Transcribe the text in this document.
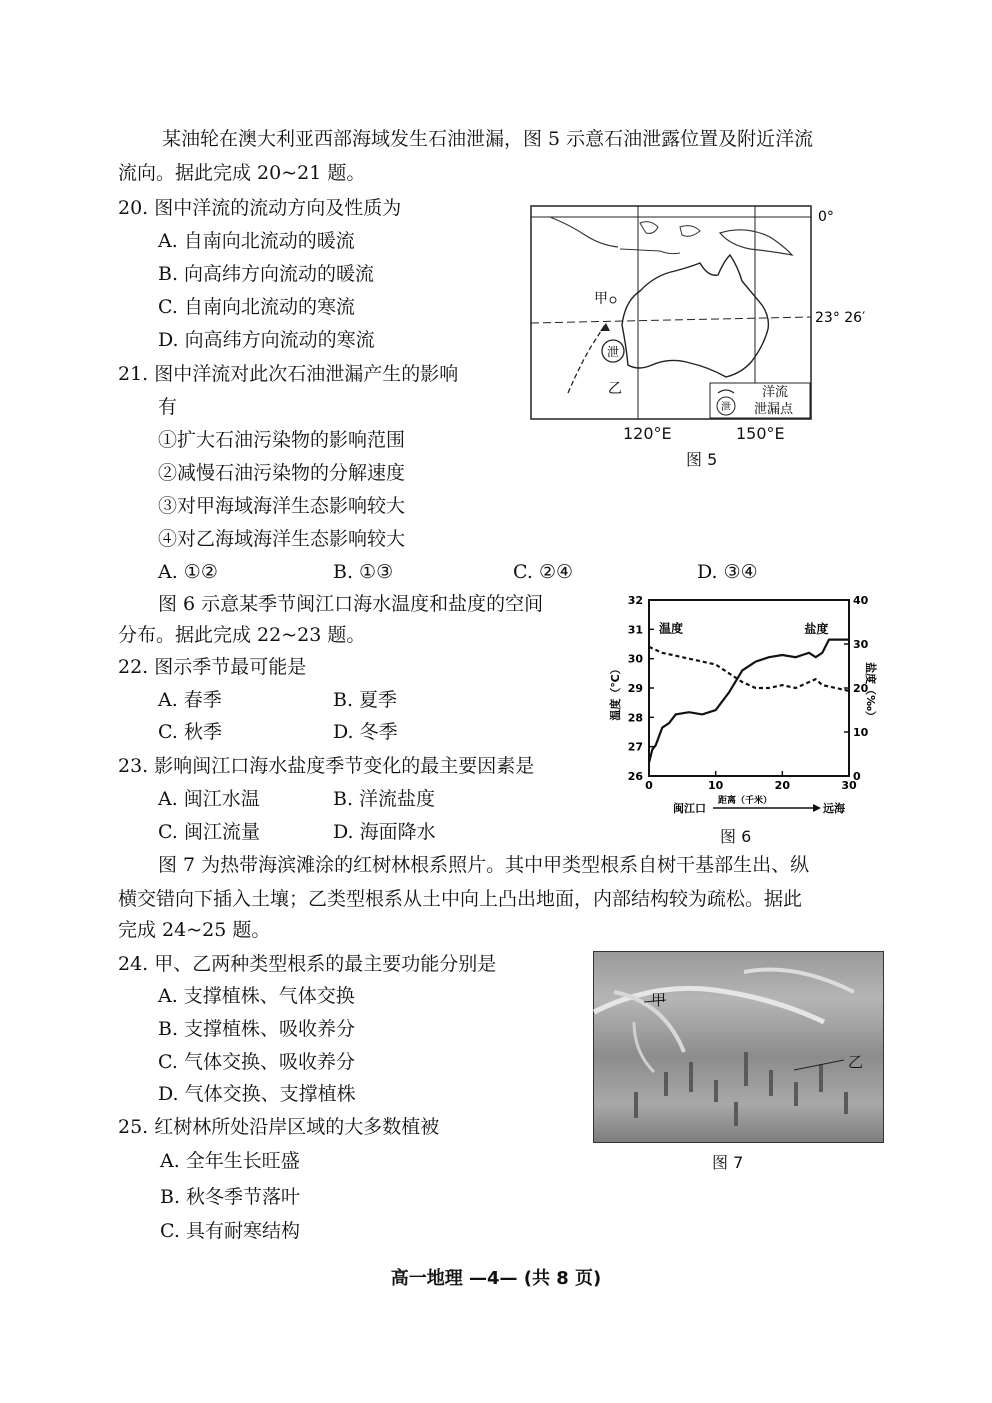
某油轮在澳大利亚西部海域发生石油泄漏，图 5 示意石油泄露位置及附近洋流
流向。据此完成 20~21 题。
20. 图中洋流的流动方向及性质为
A. 自南向北流动的暖流
B. 向高纬方向流动的暖流
C. 自南向北流动的寒流
D. 向高纬方向流动的寒流
21. 图中洋流对此次石油泄漏产生的影响
有
①扩大石油污染物的影响范围
②减慢石油污染物的分解速度
③对甲海域海洋生态影响较大
④对乙海域海洋生态影响较大
A. ①②	B. ①③	C. ②④	D. ③④
泄
甲
乙
泄
洋流
泄漏点
0°
23° 26′
120°E	150°E
图 5
图 6 示意某季节闽江口海水温度和盐度的空间
分布。据此完成 22~23 题。
22. 图示季节最可能是
A. 春季	B. 夏季
C. 秋季	D. 冬季
23. 影响闽江口海水盐度季节变化的最主要因素是
A. 闽江水温	B. 洋流盐度
C. 闽江流量	D. 海面降水
26
27
28
29
30
31
32
0
10
20
30
40
0	10	20	30
温度	盐度
温度（℃）	盐度（‰）
闽江口
距离（千米）
远海
图 6
图 7 为热带海滨滩涂的红树林根系照片。其中甲类型根系自树干基部生出、纵
横交错向下插入土壤；乙类型根系从土中向上凸出地面，内部结构较为疏松。据此
完成 24~25 题。
24. 甲、乙两种类型根系的最主要功能分别是
A. 支撑植株、气体交换
B. 支撑植株、吸收养分
C. 气体交换、吸收养分
D. 气体交换、支撑植株
甲
乙
图 7
25. 红树林所处沿岸区域的大多数植被
A. 全年生长旺盛
B. 秋冬季节落叶
C. 具有耐寒结构
高一地理 —4— (共 8 页)
